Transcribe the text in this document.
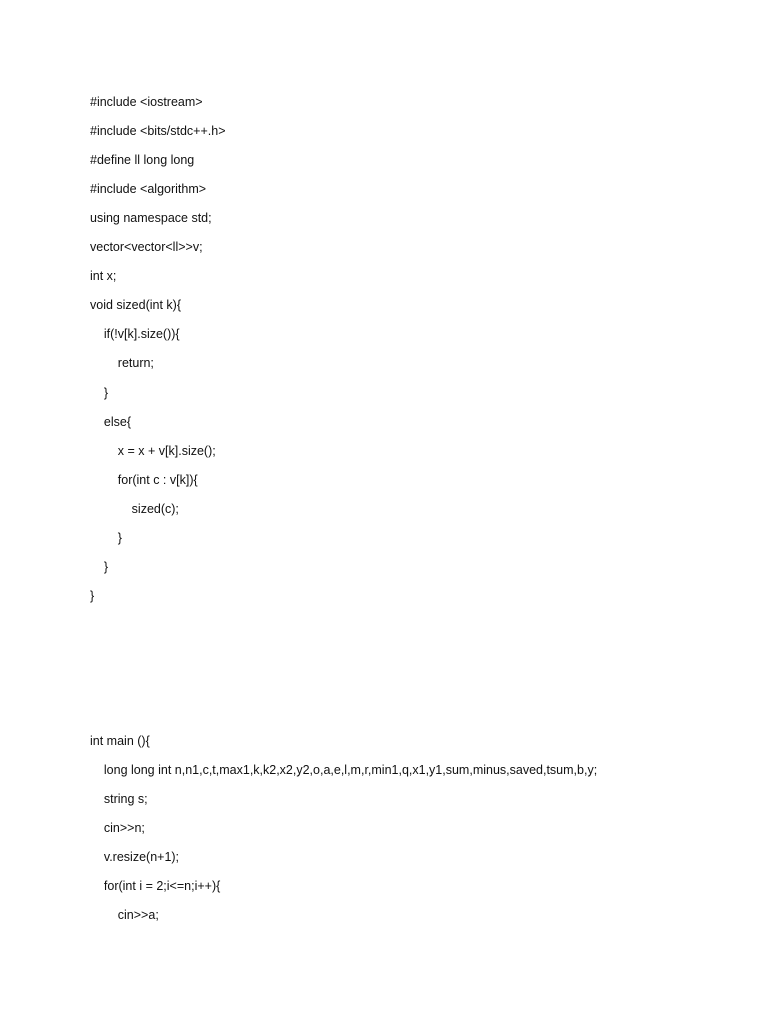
#include <iostream>
#include <bits/stdc++.h>
#define ll long long
#include <algorithm>
using namespace std;
vector<vector<ll>>v;
int x;
void sized(int k){
if(!v[k].size()){
return;
}
else{
x = x + v[k].size();
for(int c : v[k]){
sized(c);
}
}
}
int main (){
long long int n,n1,c,t,max1,k,k2,x2,y2,o,a,e,l,m,r,min1,q,x1,y1,sum,minus,saved,tsum,b,y;
string s;
cin>>n;
v.resize(n+1);
for(int i = 2;i<=n;i++){
cin>>a;
